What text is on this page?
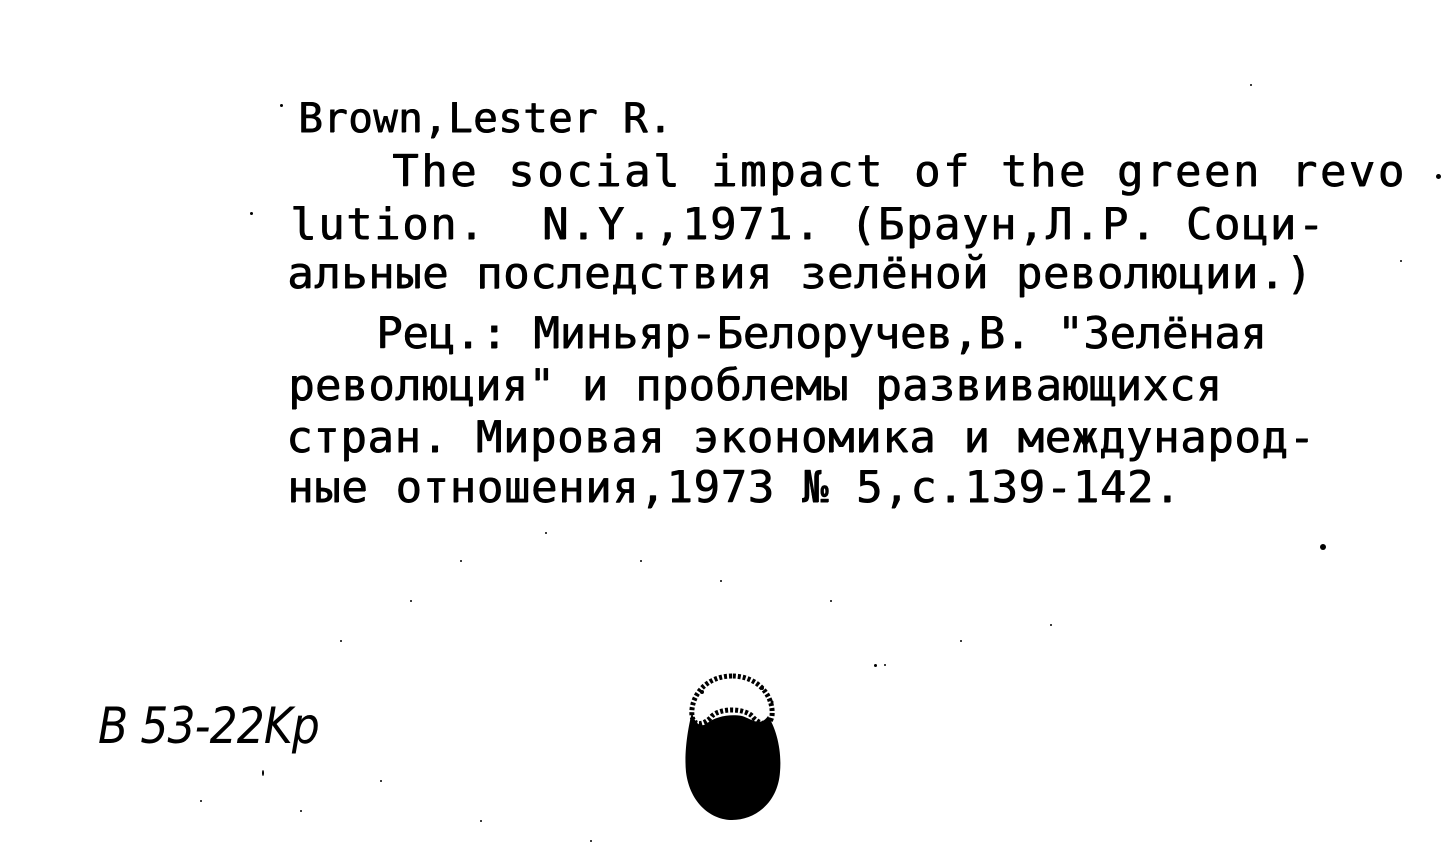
Brown,Lester R.

The social impact of the green revo

lution.  N.Y.,1971. (Браун,Л.Р. Соци-

альные последствия зелёной революции.)

Рец.: Миньяр-Белоручев,В. "Зелёная

революция" и проблемы развивающихся

стран. Мировая экономика и междунарoд-

ные отношения,1973 № 5,с.139-142.

B 53-22Kp
